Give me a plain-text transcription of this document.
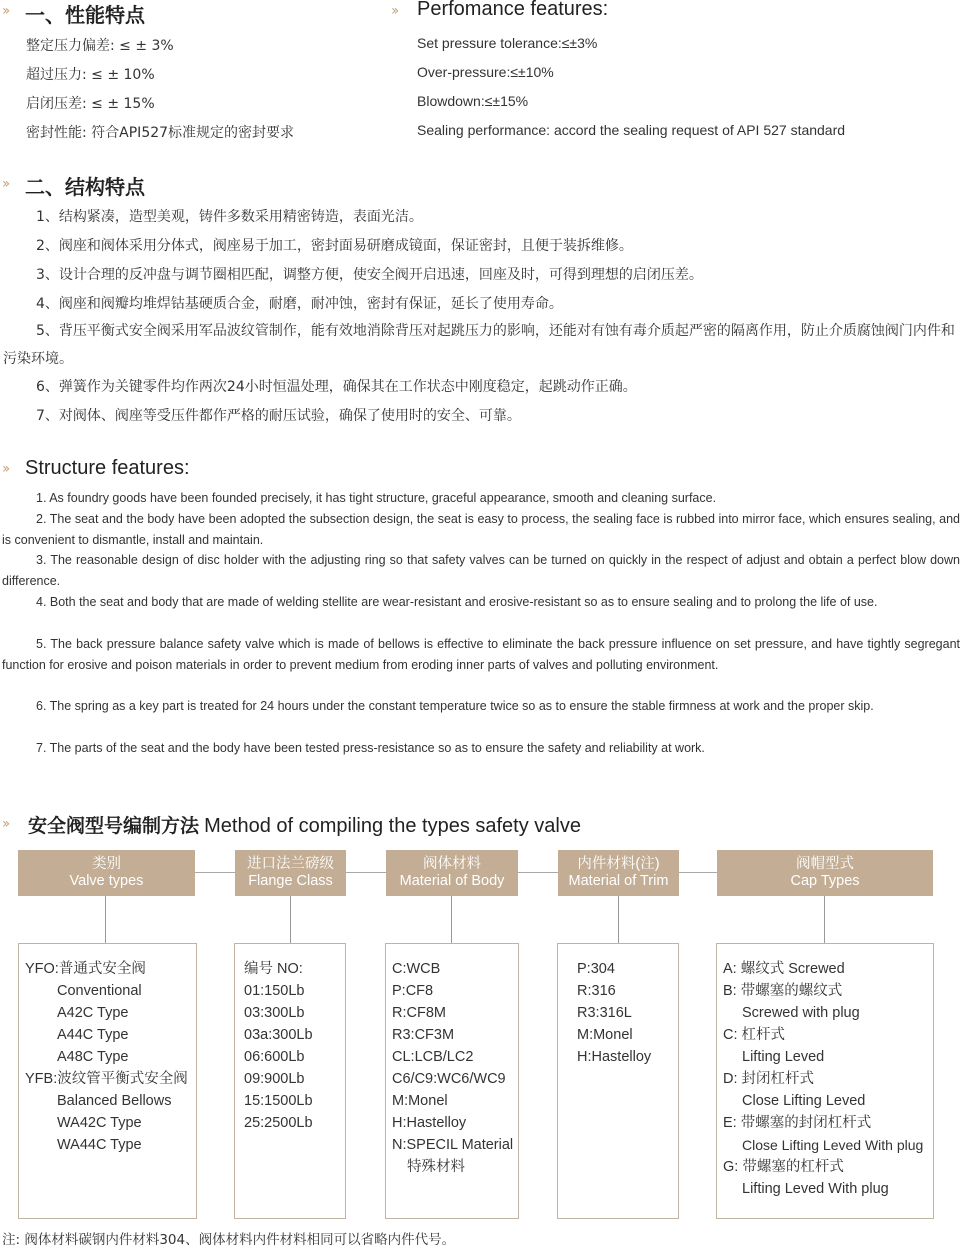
›› 一、性能特点	›› Perfomance features:
整定压力偏差: ≤ ± 3%
超过压力: ≤ ± 10%
启闭压差: ≤ ± 15%
密封性能: 符合API527标准规定的密封要求
Set pressure tolerance:≤±3%
Over-pressure:≤±10%
Blowdown:≤±15%
Sealing performance: accord the sealing request of API 527 standard
›› 二、结构特点
1、结构紧凑，造型美观，铸件多数采用精密铸造，表面光洁。
2、阀座和阀体采用分体式，阀座易于加工，密封面易研磨成镜面，保证密封，且便于装拆维修。
3、设计合理的反冲盘与调节圈相匹配，调整方便，使安全阀开启迅速，回座及时，可得到理想的启闭压差。
4、阀座和阀瓣均堆焊钴基硬质合金，耐磨，耐冲蚀，密封有保证，延长了使用寿命。
5、背压平衡式安全阀采用军品波纹管制作，能有效地消除背压对起跳压力的影响，还能对有蚀有毒介质起严密的隔离作用，防止介质腐蚀阀门内件和污染环境。
6、弹簧作为关键零件均作两次24小时恒温处理，确保其在工作状态中刚度稳定，起跳动作正确。
7、对阀体、阀座等受压件都作严格的耐压试验，确保了使用时的安全、可靠。
›› Structure features:
1. As foundry goods have been founded precisely, it has tight structure, graceful appearance, smooth and cleaning surface.
2. The seat and the body have been adopted the subsection design, the seat is easy to process, the sealing face is rubbed into mirror face, which ensures sealing, and is convenient to dismantle, install and maintain.
3. The reasonable design of disc holder with the adjusting ring so that safety valves can be turned on quickly in the respect of adjust and obtain a perfect blow down difference.
4. Both the seat and body that are made of welding stellite are wear-resistant and erosive-resistant so as to ensure sealing and to prolong the life of use.
5. The back pressure balance safety valve which is made of bellows is effective to eliminate the back pressure influence on set pressure, and have tightly segregant function for erosive and poison materials in order to prevent medium from eroding inner parts of valves and polluting environment.
6. The spring as a key part is treated for 24 hours under the constant temperature twice so as to ensure the stable firmness at work and the proper skip.
7. The parts of the seat and the body have been tested press-resistance so as to ensure the safety and reliability at work.
›› 安全阀型号编制方法 Method of compiling the types safety valve
类别
Valve types
进口法兰磅级
Flange Class
阀体材料
Material of Body
内件材料(注)
Material of Trim
阀帽型式
Cap Types
YFO:普通式安全阀
Conventional
A42C Type
A44C Type
A48C Type
YFB:波纹管平衡式安全阀
Balanced Bellows
WA42C Type
WA44C Type
编号 NO:
01:150Lb
03:300Lb
03a:300Lb
06:600Lb
09:900Lb
15:1500Lb
25:2500Lb
C:WCB
P:CF8
R:CF8M
R3:CF3M
CL:LCB/LC2
C6/C9:WC6/WC9
M:Monel
H:Hastelloy
N:SPECIL Material
特殊材料
P:304
R:316
R3:316L
M:Monel
H:Hastelloy
A: 螺纹式 Screwed
B: 带螺塞的螺纹式
Screwed with plug
C: 杠杆式
Lifting Leved
D: 封闭杠杆式
Close Lifting Leved
E: 带螺塞的封闭杠杆式
Close Lifting Leved With plug
G: 带螺塞的杠杆式
Lifting Leved With plug
注: 阀体材料碳钢内件材料304、阀体材料内件材料相同可以省略内件代号。
